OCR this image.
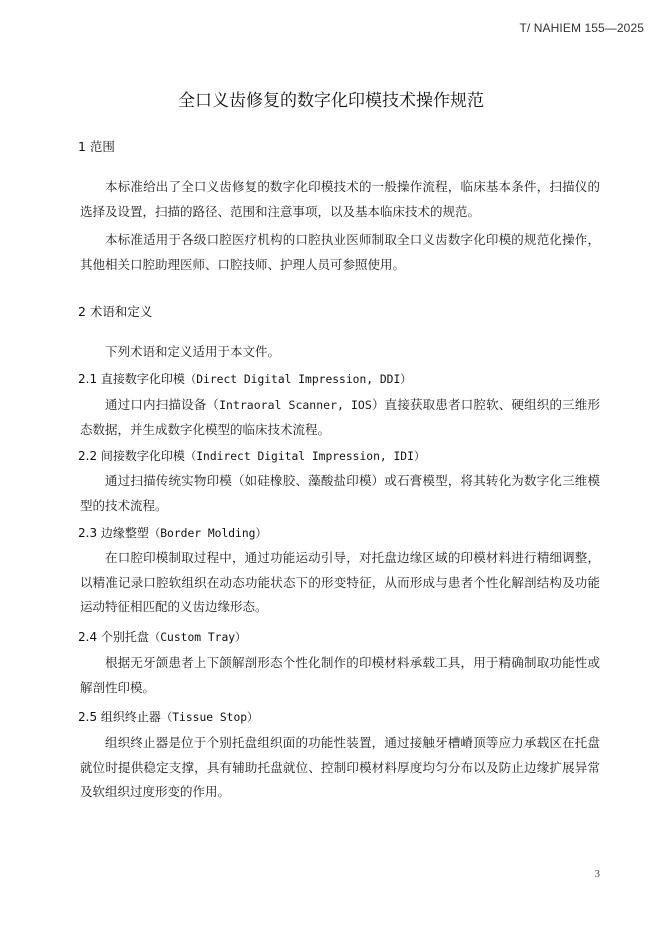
T/ NAHIEM 155—2025
全口义齿修复的数字化印模技术操作规范
1 范围
本标准给出了全口义齿修复的数字化印模技术的一般操作流程，临床基本条件，扫描仪的选择及设置，扫描的路径、范围和注意事项，以及基本临床技术的规范。
本标准适用于各级口腔医疗机构的口腔执业医师制取全口义齿数字化印模的规范化操作，其他相关口腔助理医师、口腔技师、护理人员可参照使用。
2 术语和定义
下列术语和定义适用于本文件。
2.1 直接数字化印模（Direct Digital Impression, DDI）
通过口内扫描设备（Intraoral Scanner, IOS）直接获取患者口腔软、硬组织的三维形态数据，并生成数字化模型的临床技术流程。
2.2 间接数字化印模（Indirect Digital Impression, IDI）
通过扫描传统实物印模（如硅橡胶、藻酸盐印模）或石膏模型，将其转化为数字化三维模型的技术流程。
2.3 边缘整塑（Border Molding）
在口腔印模制取过程中，通过功能运动引导，对托盘边缘区域的印模材料进行精细调整，以精准记录口腔软组织在动态功能状态下的形变特征，从而形成与患者个性化解剖结构及功能运动特征相匹配的义齿边缘形态。
2.4 个别托盘（Custom Tray）
根据无牙颌患者上下颌解剖形态个性化制作的印模材料承载工具，用于精确制取功能性或解剖性印模。
2.5 组织终止器（Tissue Stop）
组织终止器是位于个别托盘组织面的功能性装置，通过接触牙槽嵴顶等应力承载区在托盘就位时提供稳定支撑，具有辅助托盘就位、控制印模材料厚度均匀分布以及防止边缘扩展异常及软组织过度形变的作用。
3
